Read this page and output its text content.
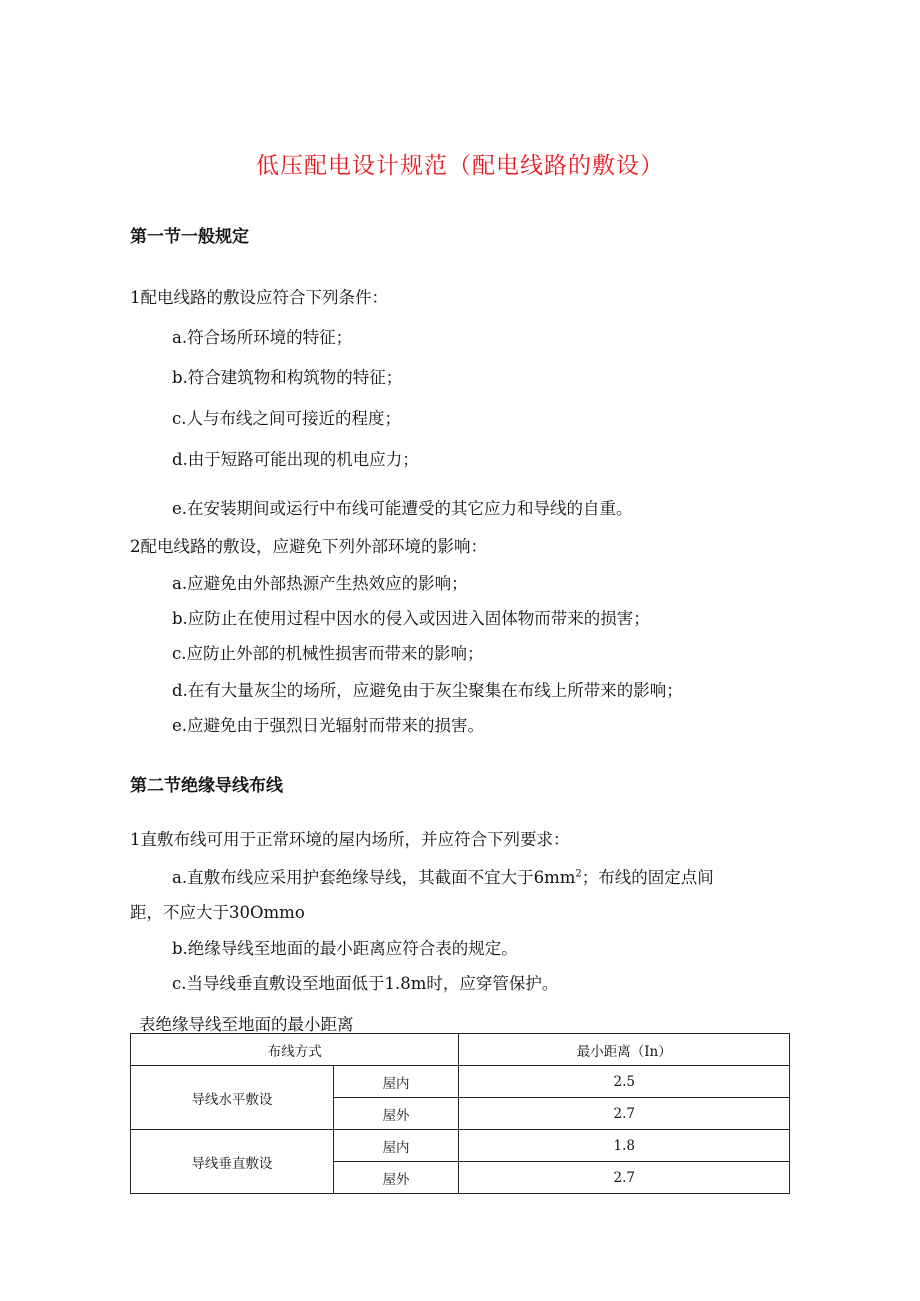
低压配电设计规范（配电线路的敷设）
第一节一般规定
1配电线路的敷设应符合下列条件：
a.符合场所环境的特征；
b.符合建筑物和构筑物的特征；
c.人与布线之间可接近的程度；
d.由于短路可能出现的机电应力；
e.在安装期间或运行中布线可能遭受的其它应力和导线的自重。
2配电线路的敷设，应避免下列外部环境的影响：
a.应避免由外部热源产生热效应的影响；
b.应防止在使用过程中因水的侵入或因进入固体物而带来的损害；
c.应防止外部的机械性损害而带来的影响；
d.在有大量灰尘的场所，应避免由于灰尘聚集在布线上所带来的影响；
e.应避免由于强烈日光辐射而带来的损害。
第二节绝缘导线布线
1直敷布线可用于正常环境的屋内场所，并应符合下列要求：
a.直敷布线应采用护套绝缘导线，其截面不宜大于$6mm^2$；布线的固定点间
距，不应大于30Ommo
b.绝缘导线至地面的最小距离应符合表的规定。
c.当导线垂直敷设至地面低于1.8m时，应穿管保护。
表绝缘导线至地面的最小距离
布线方式		最小距离（In）
导线水平敷设	屋内	2.5
	屋外	2.7
导线垂直敷设	屋内	1.8
	屋外	2.7
